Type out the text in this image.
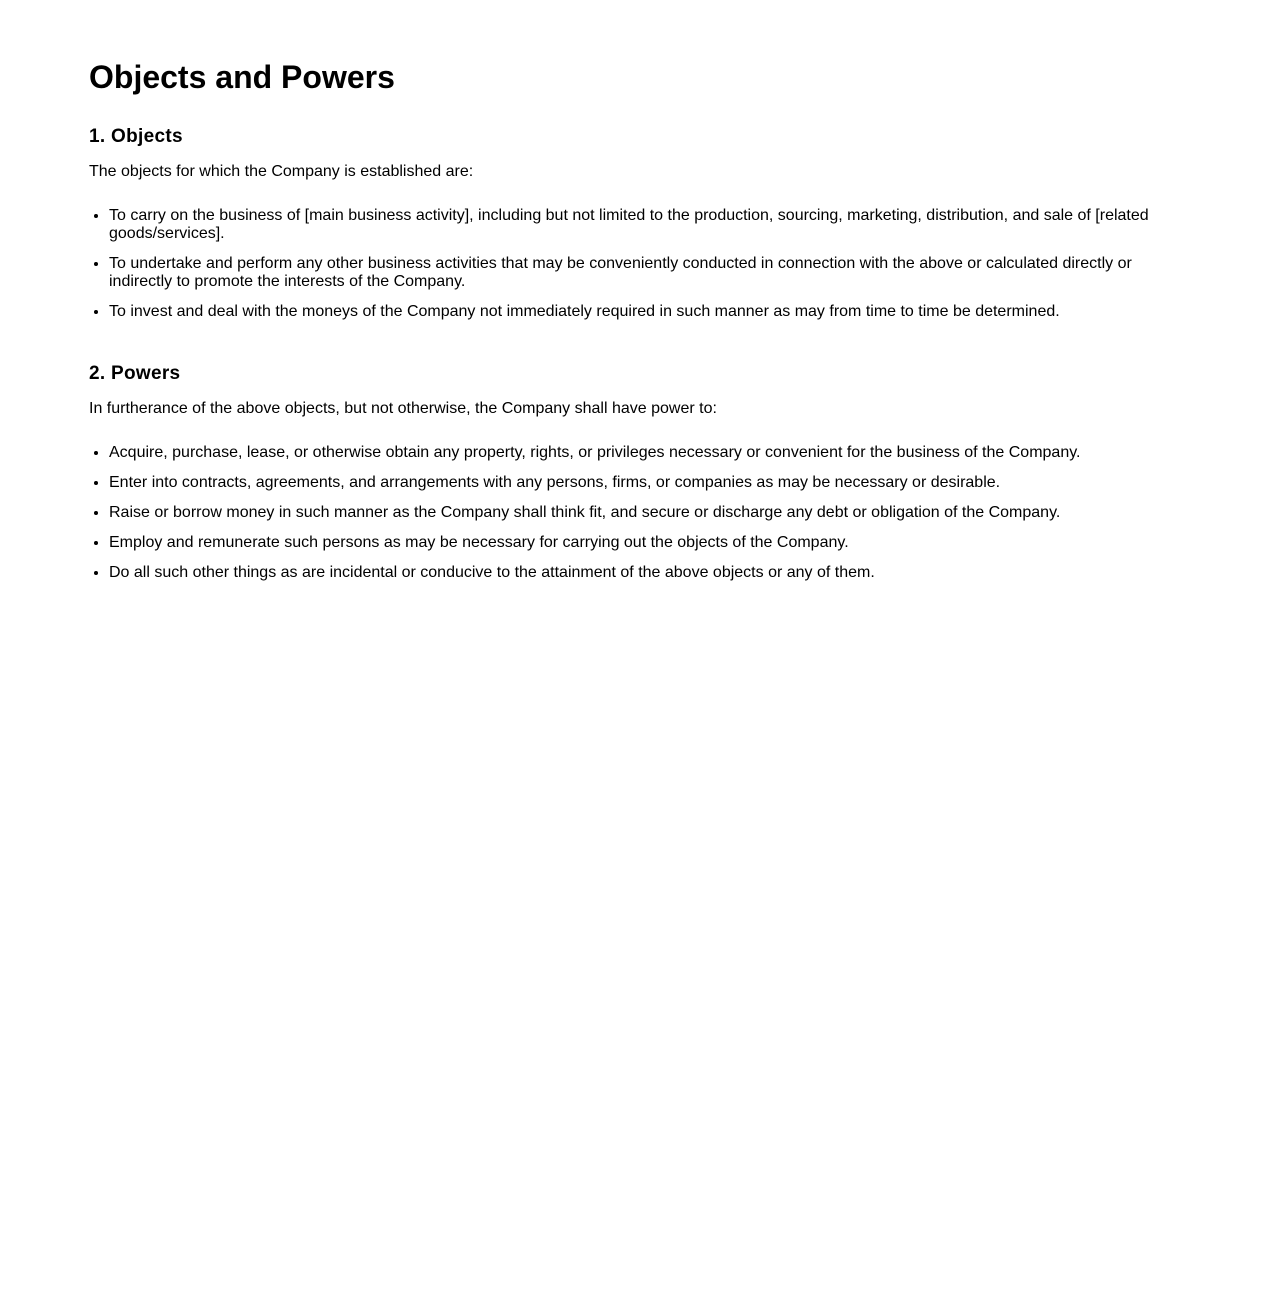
Objects and Powers
1. Objects

The objects for which the Company is established are:

• To carry on the business of [main business activity], including but not limited to the production, sourcing, marketing, distribution, and sale of [related goods/services].
• To undertake and perform any other business activities that may be conveniently conducted in connection with the above or calculated directly or indirectly to promote the interests of the Company.
• To invest and deal with the moneys of the Company not immediately required in such manner as may from time to time be determined.
2. Powers

In furtherance of the above objects, but not otherwise, the Company shall have power to:

• Acquire, purchase, lease, or otherwise obtain any property, rights, or privileges necessary or convenient for the business of the Company.
• Enter into contracts, agreements, and arrangements with any persons, firms, or companies as may be necessary or desirable.
• Raise or borrow money in such manner as the Company shall think fit, and secure or discharge any debt or obligation of the Company.
• Employ and remunerate such persons as may be necessary for carrying out the objects of the Company.
• Do all such other things as are incidental or conducive to the attainment of the above objects or any of them.
